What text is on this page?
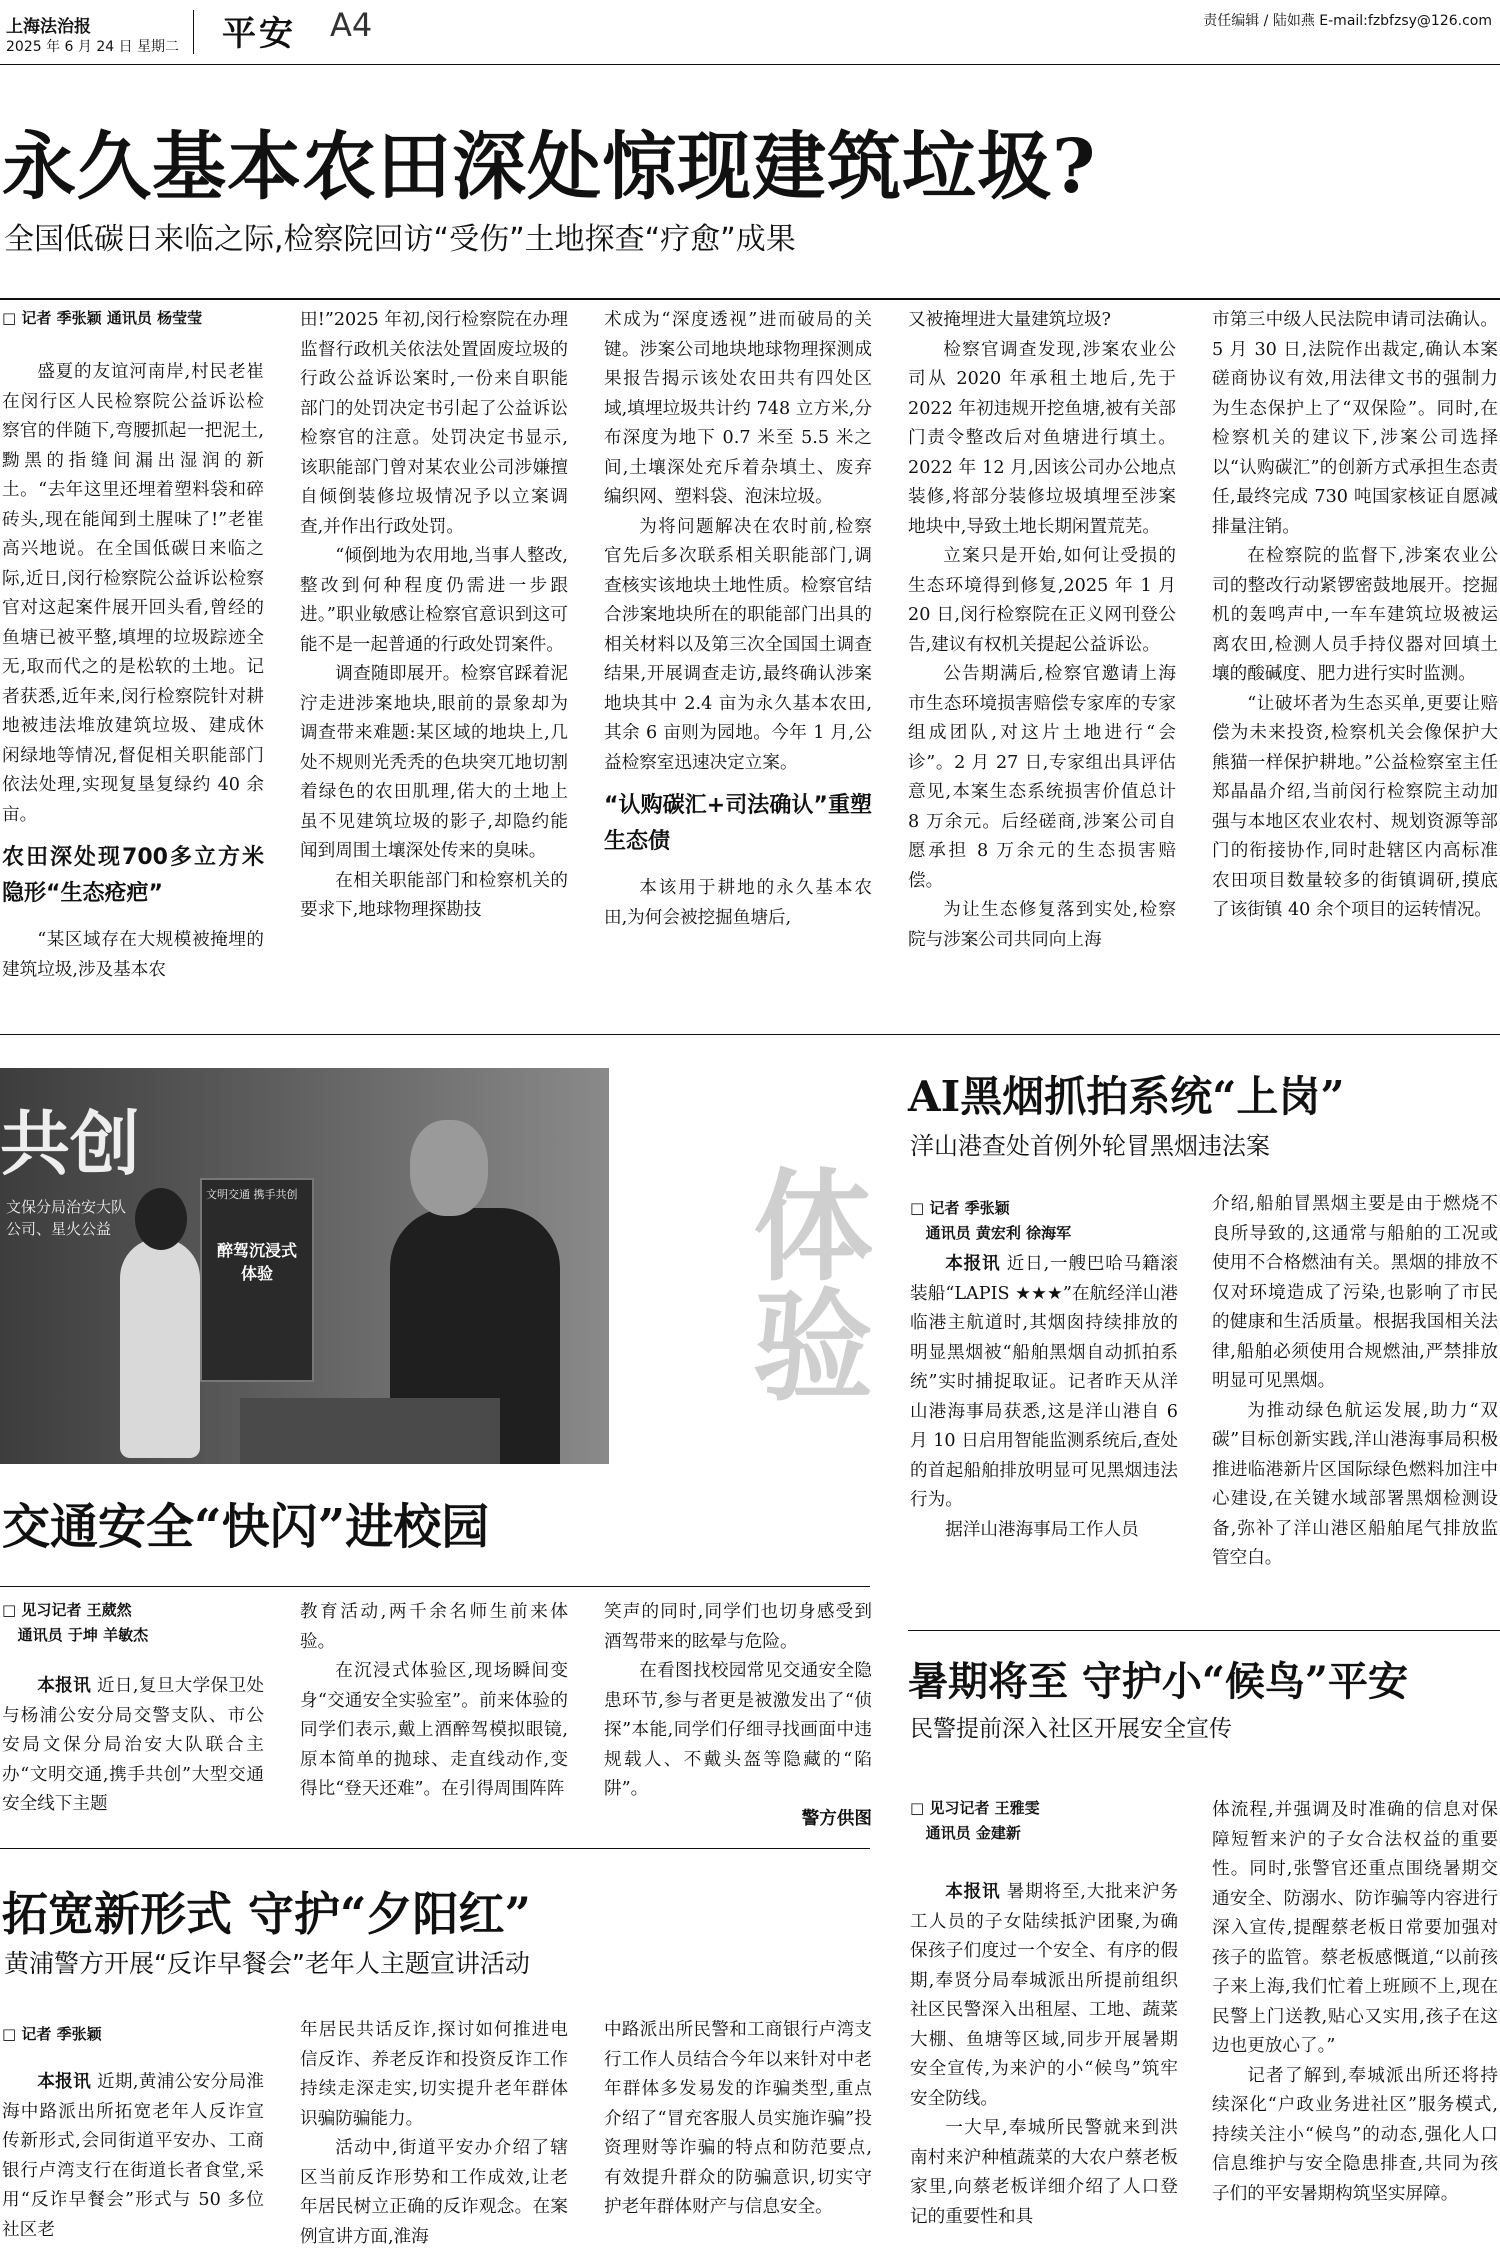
上海法治报
2025 年 6 月 24 日 星期二 平安 A4	责任编辑 / 陆如燕 E-mail:fzbfzsy@126.com
永久基本农田深处惊现建筑垃圾?
全国低碳日来临之际,检察院回访“受伤”土地探查“疗愈”成果
□ 记者 季张颖 通讯员 杨莹莹

盛夏的友谊河南岸,村民老崔在闵行区人民检察院公益诉讼检察官的伴随下,弯腰抓起一把泥土,黝黑的指缝间漏出湿润的新土。“去年这里还埋着塑料袋和碎砖头,现在能闻到土腥味了!”老崔高兴地说。在全国低碳日来临之际,近日,闵行检察院公益诉讼检察官对这起案件展开回头看,曾经的鱼塘已被平整,填埋的垃圾踪迹全无,取而代之的是松软的土地。记者获悉,近年来,闵行检察院针对耕地被违法堆放建筑垃圾、建成休闲绿地等情况,督促相关职能部门依法处理,实现复垦复绿约 40 余亩。

农田深处现700多立方米隐形“生态疮疤”

“某区域存在大规模被掩埋的建筑垃圾,涉及基本农

田!”2025 年初,闵行检察院在办理监督行政机关依法处置固废垃圾的行政公益诉讼案时,一份来自职能部门的处罚决定书引起了公益诉讼检察官的注意。处罚决定书显示,该职能部门曾对某农业公司涉嫌擅自倾倒装修垃圾情况予以立案调查,并作出行政处罚。

“倾倒地为农用地,当事人整改,整改到何种程度仍需进一步跟进。”职业敏感让检察官意识到这可能不是一起普通的行政处罚案件。

调查随即展开。检察官踩着泥泞走进涉案地块,眼前的景象却为调查带来难题:某区域的地块上,几处不规则光秃秃的色块突兀地切割着绿色的农田肌理,偌大的土地上虽不见建筑垃圾的影子,却隐约能闻到周围土壤深处传来的臭味。

在相关职能部门和检察机关的要求下,地球物理探勘技

术成为“深度透视”进而破局的关键。涉案公司地块地球物理探测成果报告揭示该处农田共有四处区域,填埋垃圾共计约 748 立方米,分布深度为地下 0.7 米至 5.5 米之间,土壤深处充斥着杂填土、废弃编织网、塑料袋、泡沫垃圾。

为将问题解决在农时前,检察官先后多次联系相关职能部门,调查核实该地块土地性质。检察官结合涉案地块所在的职能部门出具的相关材料以及第三次全国国土调查结果,开展调查走访,最终确认涉案地块其中 2.4 亩为永久基本农田,其余 6 亩则为园地。今年 1 月,公益检察室迅速决定立案。

“认购碳汇+司法确认”重塑生态债

本该用于耕地的永久基本农田,为何会被挖掘鱼塘后,

又被掩埋进大量建筑垃圾?

检察官调查发现,涉案农业公司从 2020 年承租土地后,先于 2022 年初违规开挖鱼塘,被有关部门责令整改后对鱼塘进行填土。2022 年 12 月,因该公司办公地点装修,将部分装修垃圾填埋至涉案地块中,导致土地长期闲置荒芜。

立案只是开始,如何让受损的生态环境得到修复,2025 年 1 月 20 日,闵行检察院在正义网刊登公告,建议有权机关提起公益诉讼。

公告期满后,检察官邀请上海市生态环境损害赔偿专家库的专家组成团队,对这片土地进行“会诊”。2 月 27 日,专家组出具评估意见,本案生态系统损害价值总计 8 万余元。后经磋商,涉案公司自愿承担 8 万余元的生态损害赔偿。

为让生态修复落到实处,检察院与涉案公司共同向上海

市第三中级人民法院申请司法确认。5 月 30 日,法院作出裁定,确认本案磋商协议有效,用法律文书的强制力为生态保护上了“双保险”。同时,在检察机关的建议下,涉案公司选择以“认购碳汇”的创新方式承担生态责任,最终完成 730 吨国家核证自愿减排量注销。

在检察院的监督下,涉案农业公司的整改行动紧锣密鼓地展开。挖掘机的轰鸣声中,一车车建筑垃圾被运离农田,检测人员手持仪器对回填土壤的酸碱度、肥力进行实时监测。

“让破坏者为生态买单,更要让赔偿为未来投资,检察机关会像保护大熊猫一样保护耕地。”公益检察室主任郑晶晶介绍,当前闵行检察院主动加强与本地区农业农村、规划资源等部门的衔接协作,同时赴辖区内高标准农田项目数量较多的街镇调研,摸底了该街镇 40 余个项目的运转情况。

共创
文保分局治安大队
公司、星火公益
文明交通 携手共创
醉驾沉浸式体验	体验
AI黑烟抓拍系统“上岗”
洋山港查处首例外轮冒黑烟违法案
□ 记者 季张颖
通讯员 黄宏利 徐海军

本报讯 近日,一艘巴哈马籍滚装船“LAPIS ★★★”在航经洋山港临港主航道时,其烟囱持续排放的明显黑烟被“船舶黑烟自动抓拍系统”实时捕捉取证。记者昨天从洋山港海事局获悉,这是洋山港自 6 月 10 日启用智能监测系统后,查处的首起船舶排放明显可见黑烟违法行为。

据洋山港海事局工作人员

介绍,船舶冒黑烟主要是由于燃烧不良所导致的,这通常与船舶的工况或使用不合格燃油有关。黑烟的排放不仅对环境造成了污染,也影响了市民的健康和生活质量。根据我国相关法律,船舶必须使用合规燃油,严禁排放明显可见黑烟。

为推动绿色航运发展,助力“双碳”目标创新实践,洋山港海事局积极推进临港新片区国际绿色燃料加注中心建设,在关键水域部署黑烟检测设备,弥补了洋山港区船舶尾气排放监管空白。

交通安全“快闪”进校园
□ 见习记者 王葳然
通讯员 于坤 羊敏杰

本报讯 近日,复旦大学保卫处与杨浦公安分局交警支队、市公安局文保分局治安大队联合主办“文明交通,携手共创”大型交通安全线下主题

教育活动,两千余名师生前来体验。

在沉浸式体验区,现场瞬间变身“交通安全实验室”。前来体验的同学们表示,戴上酒醉驾模拟眼镜,原本简单的抛球、走直线动作,变得比“登天还难”。在引得周围阵阵

笑声的同时,同学们也切身感受到酒驾带来的眩晕与危险。

在看图找校园常见交通安全隐患环节,参与者更是被激发出了“侦探”本能,同学们仔细寻找画面中违规载人、不戴头盔等隐藏的“陷阱”。

警方供图

暑期将至 守护小“候鸟”平安
民警提前深入社区开展安全宣传
□ 见习记者 王雅雯
通讯员 金建新

本报讯 暑期将至,大批来沪务工人员的子女陆续抵沪团聚,为确保孩子们度过一个安全、有序的假期,奉贤分局奉城派出所提前组织社区民警深入出租屋、工地、蔬菜大棚、鱼塘等区域,同步开展暑期安全宣传,为来沪的小“候鸟”筑牢安全防线。

一大早,奉城所民警就来到洪南村来沪种植蔬菜的大农户蔡老板家里,向蔡老板详细介绍了人口登记的重要性和具

体流程,并强调及时准确的信息对保障短暂来沪的子女合法权益的重要性。同时,张警官还重点围绕暑期交通安全、防溺水、防诈骗等内容进行深入宣传,提醒蔡老板日常要加强对孩子的监管。蔡老板感慨道,“以前孩子来上海,我们忙着上班顾不上,现在民警上门送教,贴心又实用,孩子在这边也更放心了。”

记者了解到,奉城派出所还将持续深化“户政业务进社区”服务模式,持续关注小“候鸟”的动态,强化人口信息维护与安全隐患排查,共同为孩子们的平安暑期构筑坚实屏障。

拓宽新形式 守护“夕阳红”
黄浦警方开展“反诈早餐会”老年人主题宣讲活动
□ 记者 季张颖

本报讯 近期,黄浦公安分局淮海中路派出所拓宽老年人反诈宣传新形式,会同街道平安办、工商银行卢湾支行在街道长者食堂,采用“反诈早餐会”形式与 50 多位社区老

年居民共话反诈,探讨如何推进电信反诈、养老反诈和投资反诈工作持续走深走实,切实提升老年群体识骗防骗能力。

活动中,街道平安办介绍了辖区当前反诈形势和工作成效,让老年居民树立正确的反诈观念。在案例宣讲方面,淮海

中路派出所民警和工商银行卢湾支行工作人员结合今年以来针对中老年群体多发易发的诈骗类型,重点介绍了“冒充客服人员实施诈骗”投资理财等诈骗的特点和防范要点,有效提升群众的防骗意识,切实守护老年群体财产与信息安全。
